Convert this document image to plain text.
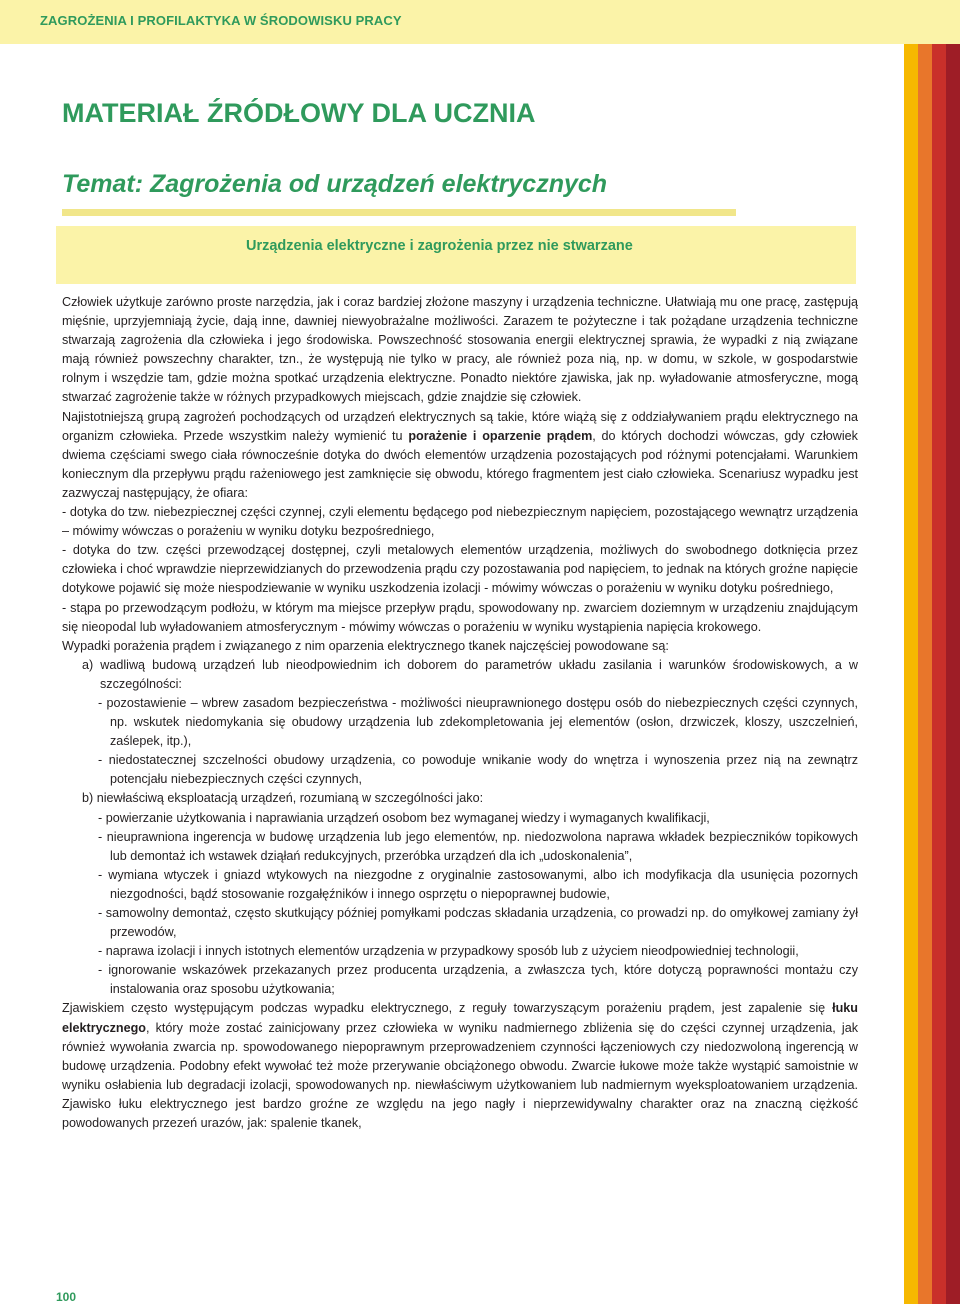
ZAGROŻENIA I PROFILAKTYKA W ŚRODOWISKU PRACY
MATERIAŁ ŹRÓDŁOWY DLA UCZNIA
Temat: Zagrożenia od urządzeń elektrycznych
Urządzenia elektryczne i zagrożenia przez nie stwarzane

Człowiek użytkuje zarówno proste narzędzia, jak i coraz bardziej złożone maszyny i urządzenia techniczne. Ułatwiają mu one pracę, zastępują mięśnie, uprzyjemniają życie, dają inne, dawniej niewyobrażalne możliwości. Zarazem te pożyteczne i tak pożądane urządzenia techniczne stwarzają zagrożenia dla człowieka i jego środowiska. Powszechność stosowania energii elektrycznej sprawia, że wypadki z nią związane mają również powszechny charakter, tzn., że występują nie tylko w pracy, ale również poza nią, np. w domu, w szkole, w gospodarstwie rolnym i wszędzie tam, gdzie można spotkać urządzenia elektryczne. Ponadto niektóre zjawiska, jak np. wyładowanie atmosferyczne, mogą stwarzać zagrożenie także w różnych przypadkowych miejscach, gdzie znajdzie się człowiek.

Najistotniejszą grupą zagrożeń pochodzących od urządzeń elektrycznych są takie, które wiążą się z oddziaływaniem prądu elektrycznego na organizm człowieka. Przede wszystkim należy wymienić tu porażenie i oparzenie prądem, do których dochodzi wówczas, gdy człowiek dwiema częściami swego ciała równocześnie dotyka do dwóch elementów urządzenia pozostających pod różnymi potencjałami. Warunkiem koniecznym dla przepływu prądu rażeniowego jest zamknięcie się obwodu, którego fragmentem jest ciało człowieka. Scenariusz wypadku jest zazwyczaj następujący, że ofiara:

- dotyka do tzw. niebezpiecznej części czynnej, czyli elementu będącego pod niebezpiecznym napięciem, pozostającego wewnątrz urządzenia – mówimy wówczas o porażeniu w wyniku dotyku bezpośredniego,

- dotyka do tzw. części przewodzącej dostępnej, czyli metalowych elementów urządzenia, możliwych do swobodnego dotknięcia przez człowieka i choć wprawdzie nieprzewidzianych do przewodzenia prądu czy pozostawania pod napięciem, to jednak na których groźne napięcie dotykowe pojawić się może niespodziewanie w wyniku uszkodzenia izolacji - mówimy wówczas o porażeniu w wyniku dotyku pośredniego,

- stąpa po przewodzącym podłożu, w którym ma miejsce przepływ prądu, spowodowany np. zwarciem doziemnym w urządzeniu znajdującym się nieopodal lub wyładowaniem atmosferycznym - mówimy wówczas o porażeniu w wyniku wystąpienia napięcia krokowego.

Wypadki porażenia prądem i związanego z nim oparzenia elektrycznego tkanek najczęściej powodowane są:

a) wadliwą budową urządzeń lub nieodpowiednim ich doborem do parametrów układu zasilania i warunków środowiskowych, a w szczególności:

- pozostawienie – wbrew zasadom bezpieczeństwa - możliwości nieuprawnionego dostępu osób do niebezpiecznych części czynnych, np. wskutek niedomykania się obudowy urządzenia lub zdekompletowania jej elementów (osłon, drzwiczek, kloszy, uszczelnień, zaślepek, itp.),

- niedostatecznej szczelności obudowy urządzenia, co powoduje wnikanie wody do wnętrza i wynoszenia przez nią na zewnątrz potencjału niebezpiecznych części czynnych,

b) niewłaściwą eksploatacją urządzeń, rozumianą w szczególności jako:

- powierzanie użytkowania i naprawiania urządzeń osobom bez wymaganej wiedzy i wymaganych kwalifikacji,

- nieuprawniona ingerencja w budowę urządzenia lub jego elementów, np. niedozwolona naprawa wkładek bezpieczników topikowych lub demontaż ich wstawek dziąłań redukcyjnych, przeróbka urządzeń dla ich „udoskonalenia”,

- wymiana wtyczek i gniazd wtykowych na niezgodne z oryginalnie zastosowanymi, albo ich modyfikacja dla usunięcia pozornych niezgodności, bądź stosowanie rozgałęźników i innego osprzętu o niepoprawnej budowie,

- samowolny demontaż, często skutkujący później pomyłkami podczas składania urządzenia, co prowadzi np. do omyłkowej zamiany żył przewodów,

- naprawa izolacji i innych istotnych elementów urządzenia w przypadkowy sposób lub z użyciem nieodpowiedniej technologii,

- ignorowanie wskazówek przekazanych przez producenta urządzenia, a zwłaszcza tych, które dotyczą poprawności montażu czy instalowania oraz sposobu użytkowania;

Zjawiskiem często występującym podczas wypadku elektrycznego, z reguły towarzyszącym porażeniu prądem, jest zapalenie się łuku elektrycznego, który może zostać zainicjowany przez człowieka w wyniku nadmiernego zbliżenia się do części czynnej urządzenia, jak również wywołania zwarcia np. spowodowanego niepoprawnym przeprowadzeniem czynności łączeniowych czy niedozwoloną ingerencją w budowę urządzenia. Podobny efekt wywołać też może przerywanie obciążonego obwodu. Zwarcie łukowe może także wystąpić samoistnie w wyniku osłabienia lub degradacji izolacji, spowodowanych np. niewłaściwym użytkowaniem lub nadmiernym wyeksploatowaniem urządzenia. Zjawisko łuku elektrycznego jest bardzo groźne ze względu na jego nagły i nieprzewidywalny charakter oraz na znaczną ciężkość powodowanych przezeń urazów, jak: spalenie tkanek,

100
